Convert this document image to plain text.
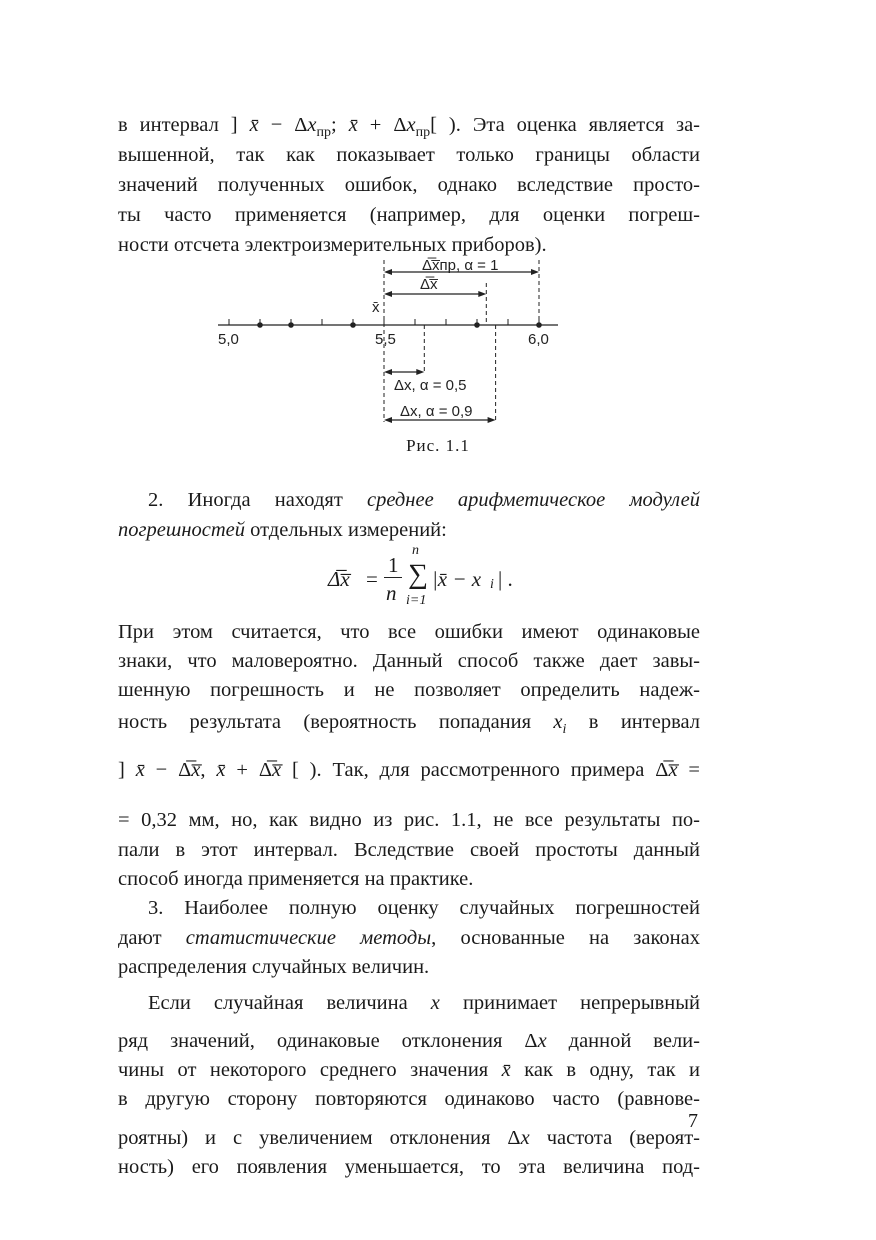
в интервал ] x̄ − $\Delta x_{пр}$; x̄ + $\Delta x_{пр}$[ ). Эта оценка является за-
вышенной, так как показывает только границы области
значений полученных ошибок, однако вследствие просто-
ты часто применяется (например, для оценки погреш-
ности отсчета электроизмерительных приборов).
2. Иногда находят среднее арифметическое модулей
погрешностей отдельных измерений:
При этом считается, что все ошибки имеют одинаковые
знаки, что маловероятно. Данный способ также дает завы-
шенную погрешность и не позволяет определить надеж-
ность результата (вероятность попадания $x_i$ в интервал
] x̄ − Δ̅x̅, x̄ + Δ̅x̅ [ ). Так, для рассмотренного примера Δ̅x̅ =
= 0,32 мм, но, как видно из рис. 1.1, не все результаты по-
пали в этот интервал. Вследствие своей простоты данный
способ иногда применяется на практике.
3. Наиболее полную оценку случайных погрешностей
дают статистические методы, основанные на законах
распределения случайных величин.
Если случайная величина x принимает непрерывный
ряд значений, одинаковые отклонения Δx данной вели-
чины от некоторого среднего значения x̄ как в одну, так и
в другую сторону повторяются одинаково часто (равнове-
роятны) и с увеличением отклонения Δx частота (вероят-
ность) его появления уменьшается, то эта величина под-
Δ̅x̅пр, α = 1
Δ̅x̅
x̄
5,0	5,5	6,0
Δx, α = 0,5
Δx, α = 0,9
Рис. 1.1
Δ̅x̅ =
1
n
n
∑
i=1
|x̄ − x i | .
7
